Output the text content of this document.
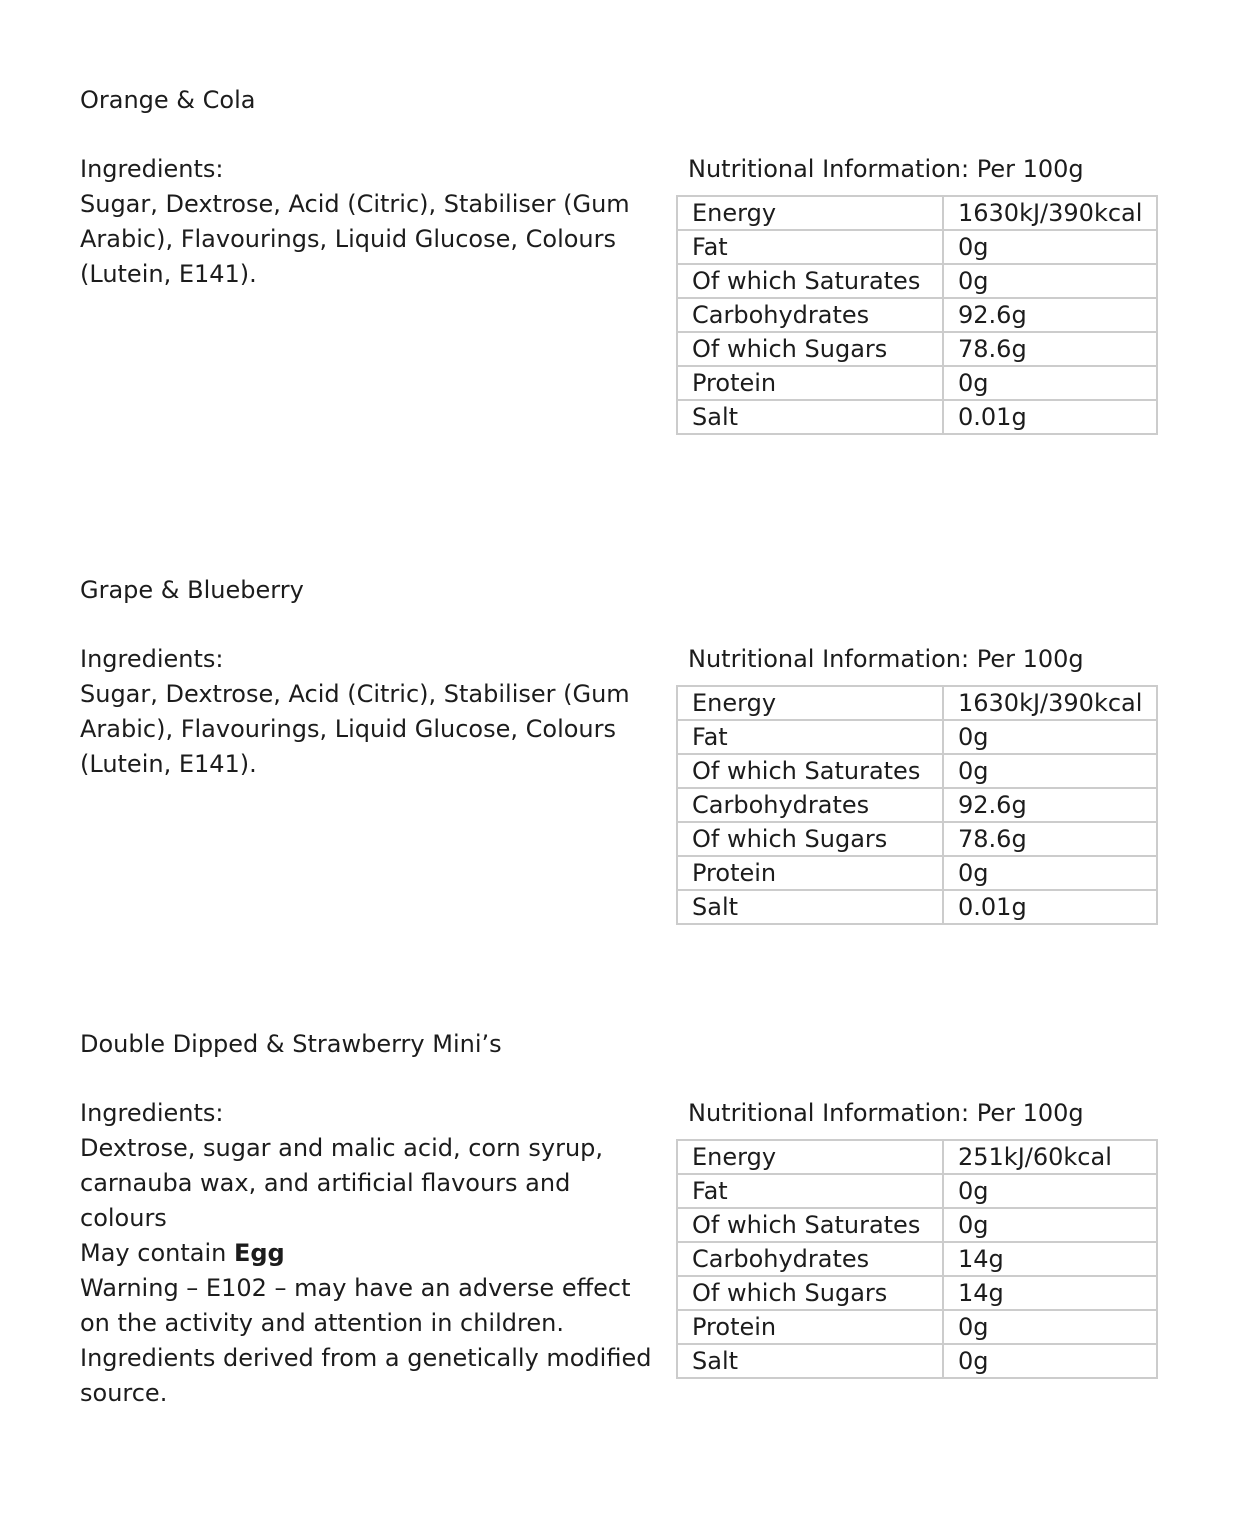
Orange & Cola

Ingredients:

Sugar, Dextrose, Acid (Citric), Stabiliser (Gum Arabic), Flavourings, Liquid Glucose, Colours (Lutein, E141).

Nutritional Information: Per 100g
Energy	1630kJ/390kcal
Fat	0g
Of which Saturates	0g
Carbohydrates	92.6g
Of which Sugars	78.6g
Protein	0g
Salt	0.01g
Grape & Blueberry

Ingredients:

Sugar, Dextrose, Acid (Citric), Stabiliser (Gum Arabic), Flavourings, Liquid Glucose, Colours (Lutein, E141).

Nutritional Information: Per 100g
Energy	1630kJ/390kcal
Fat	0g
Of which Saturates	0g
Carbohydrates	92.6g
Of which Sugars	78.6g
Protein	0g
Salt	0.01g
Double Dipped & Strawberry Mini’s

Ingredients:

Dextrose, sugar and malic acid, corn syrup, carnauba wax, and artificial flavours and colours

May contain Egg

Warning – E102 – may have an adverse effect on the activity and attention in children. Ingredients derived from a genetically modified source.

Nutritional Information: Per 100g
Energy	251kJ/60kcal
Fat	0g
Of which Saturates	0g
Carbohydrates	14g
Of which Sugars	14g
Protein	0g
Salt	0g
